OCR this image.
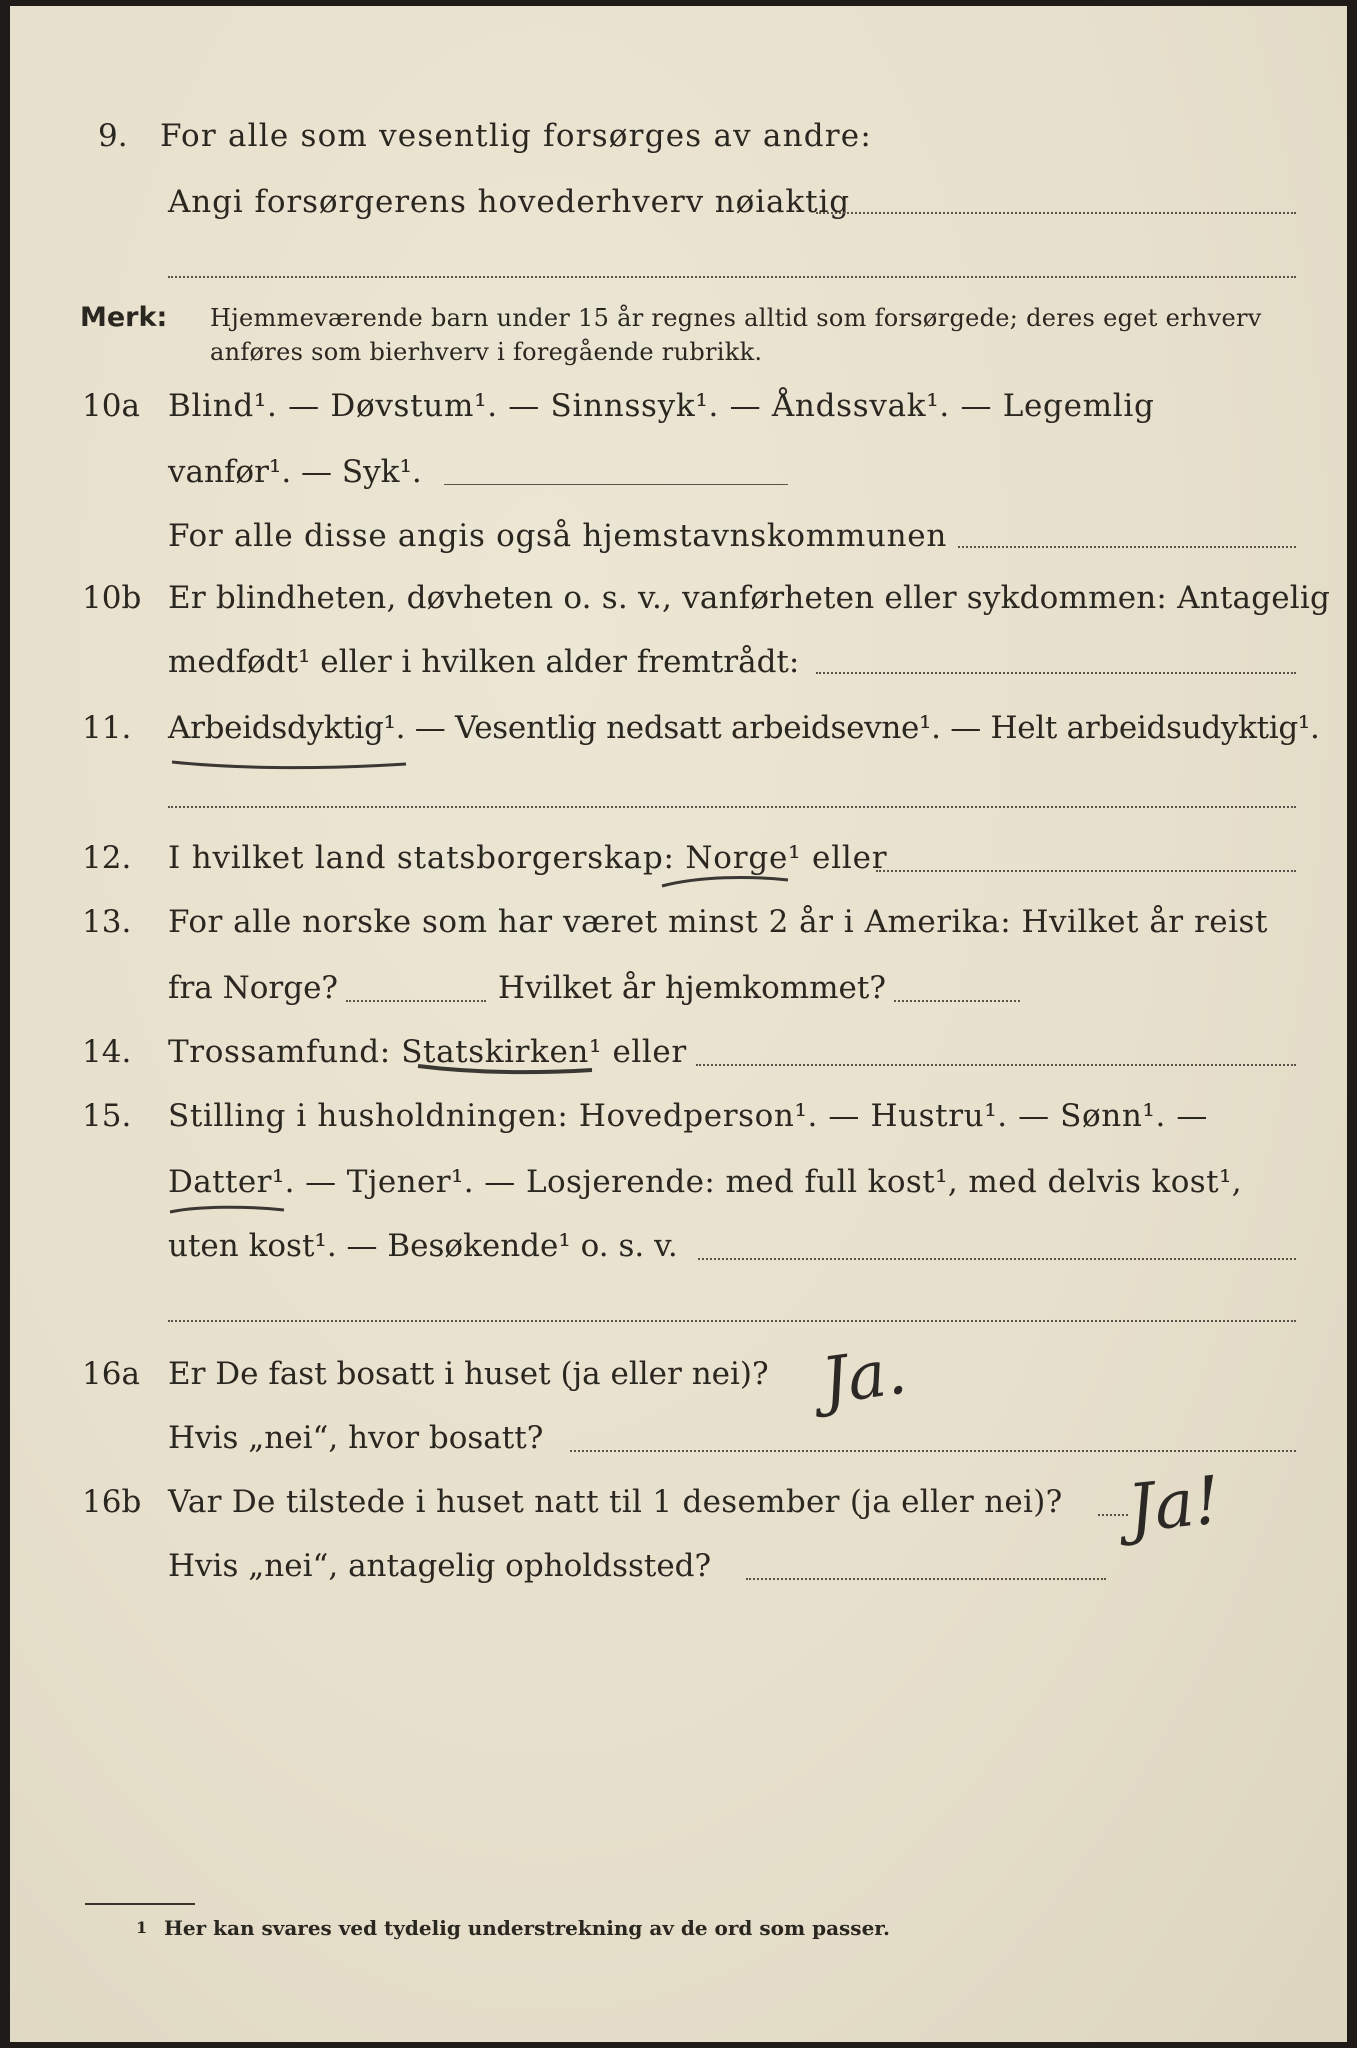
9. For alle som vesentlig forsørges av andre:
Angi forsørgerens hovederhverv nøiaktig
Merk: Hjemmeværende barn under 15 år regnes alltid som forsørgede; deres eget erhverv
anføres som bierhverv i foregående rubrikk.
10a Blind¹. — Døvstum¹. — Sinnssyk¹. — Åndssvak¹. — Legemlig
vanfør¹. — Syk¹.
For alle disse angis også hjemstavnskommunen
10b Er blindheten, døvheten o. s. v., vanførheten eller sykdommen: Antagelig
medfødt¹ eller i hvilken alder fremtrådt:
11. Arbeidsdyktig¹. — Vesentlig nedsatt arbeidsevne¹. — Helt arbeidsudyktig¹.
12. I hvilket land statsborgerskap: Norge¹ eller
13. For alle norske som har været minst 2 år i Amerika: Hvilket år reist
fra Norge?	Hvilket år hjemkommet?
14. Trossamfund: Statskirken¹ eller
15. Stilling i husholdningen: Hovedperson¹. — Hustru¹. — Sønn¹. —
Datter¹. — Tjener¹. — Losjerende: med full kost¹, med delvis kost¹,
uten kost¹. — Besøkende¹ o. s. v.
16a Er De fast bosatt i huset (ja eller nei)? Ja.
Hvis „nei“, hvor bosatt?
16b Var De tilstede i huset natt til 1 desember (ja eller nei)? Ja!
Hvis „nei“, antagelig opholdssted?
1 Her kan svares ved tydelig understrekning av de ord som passer.
